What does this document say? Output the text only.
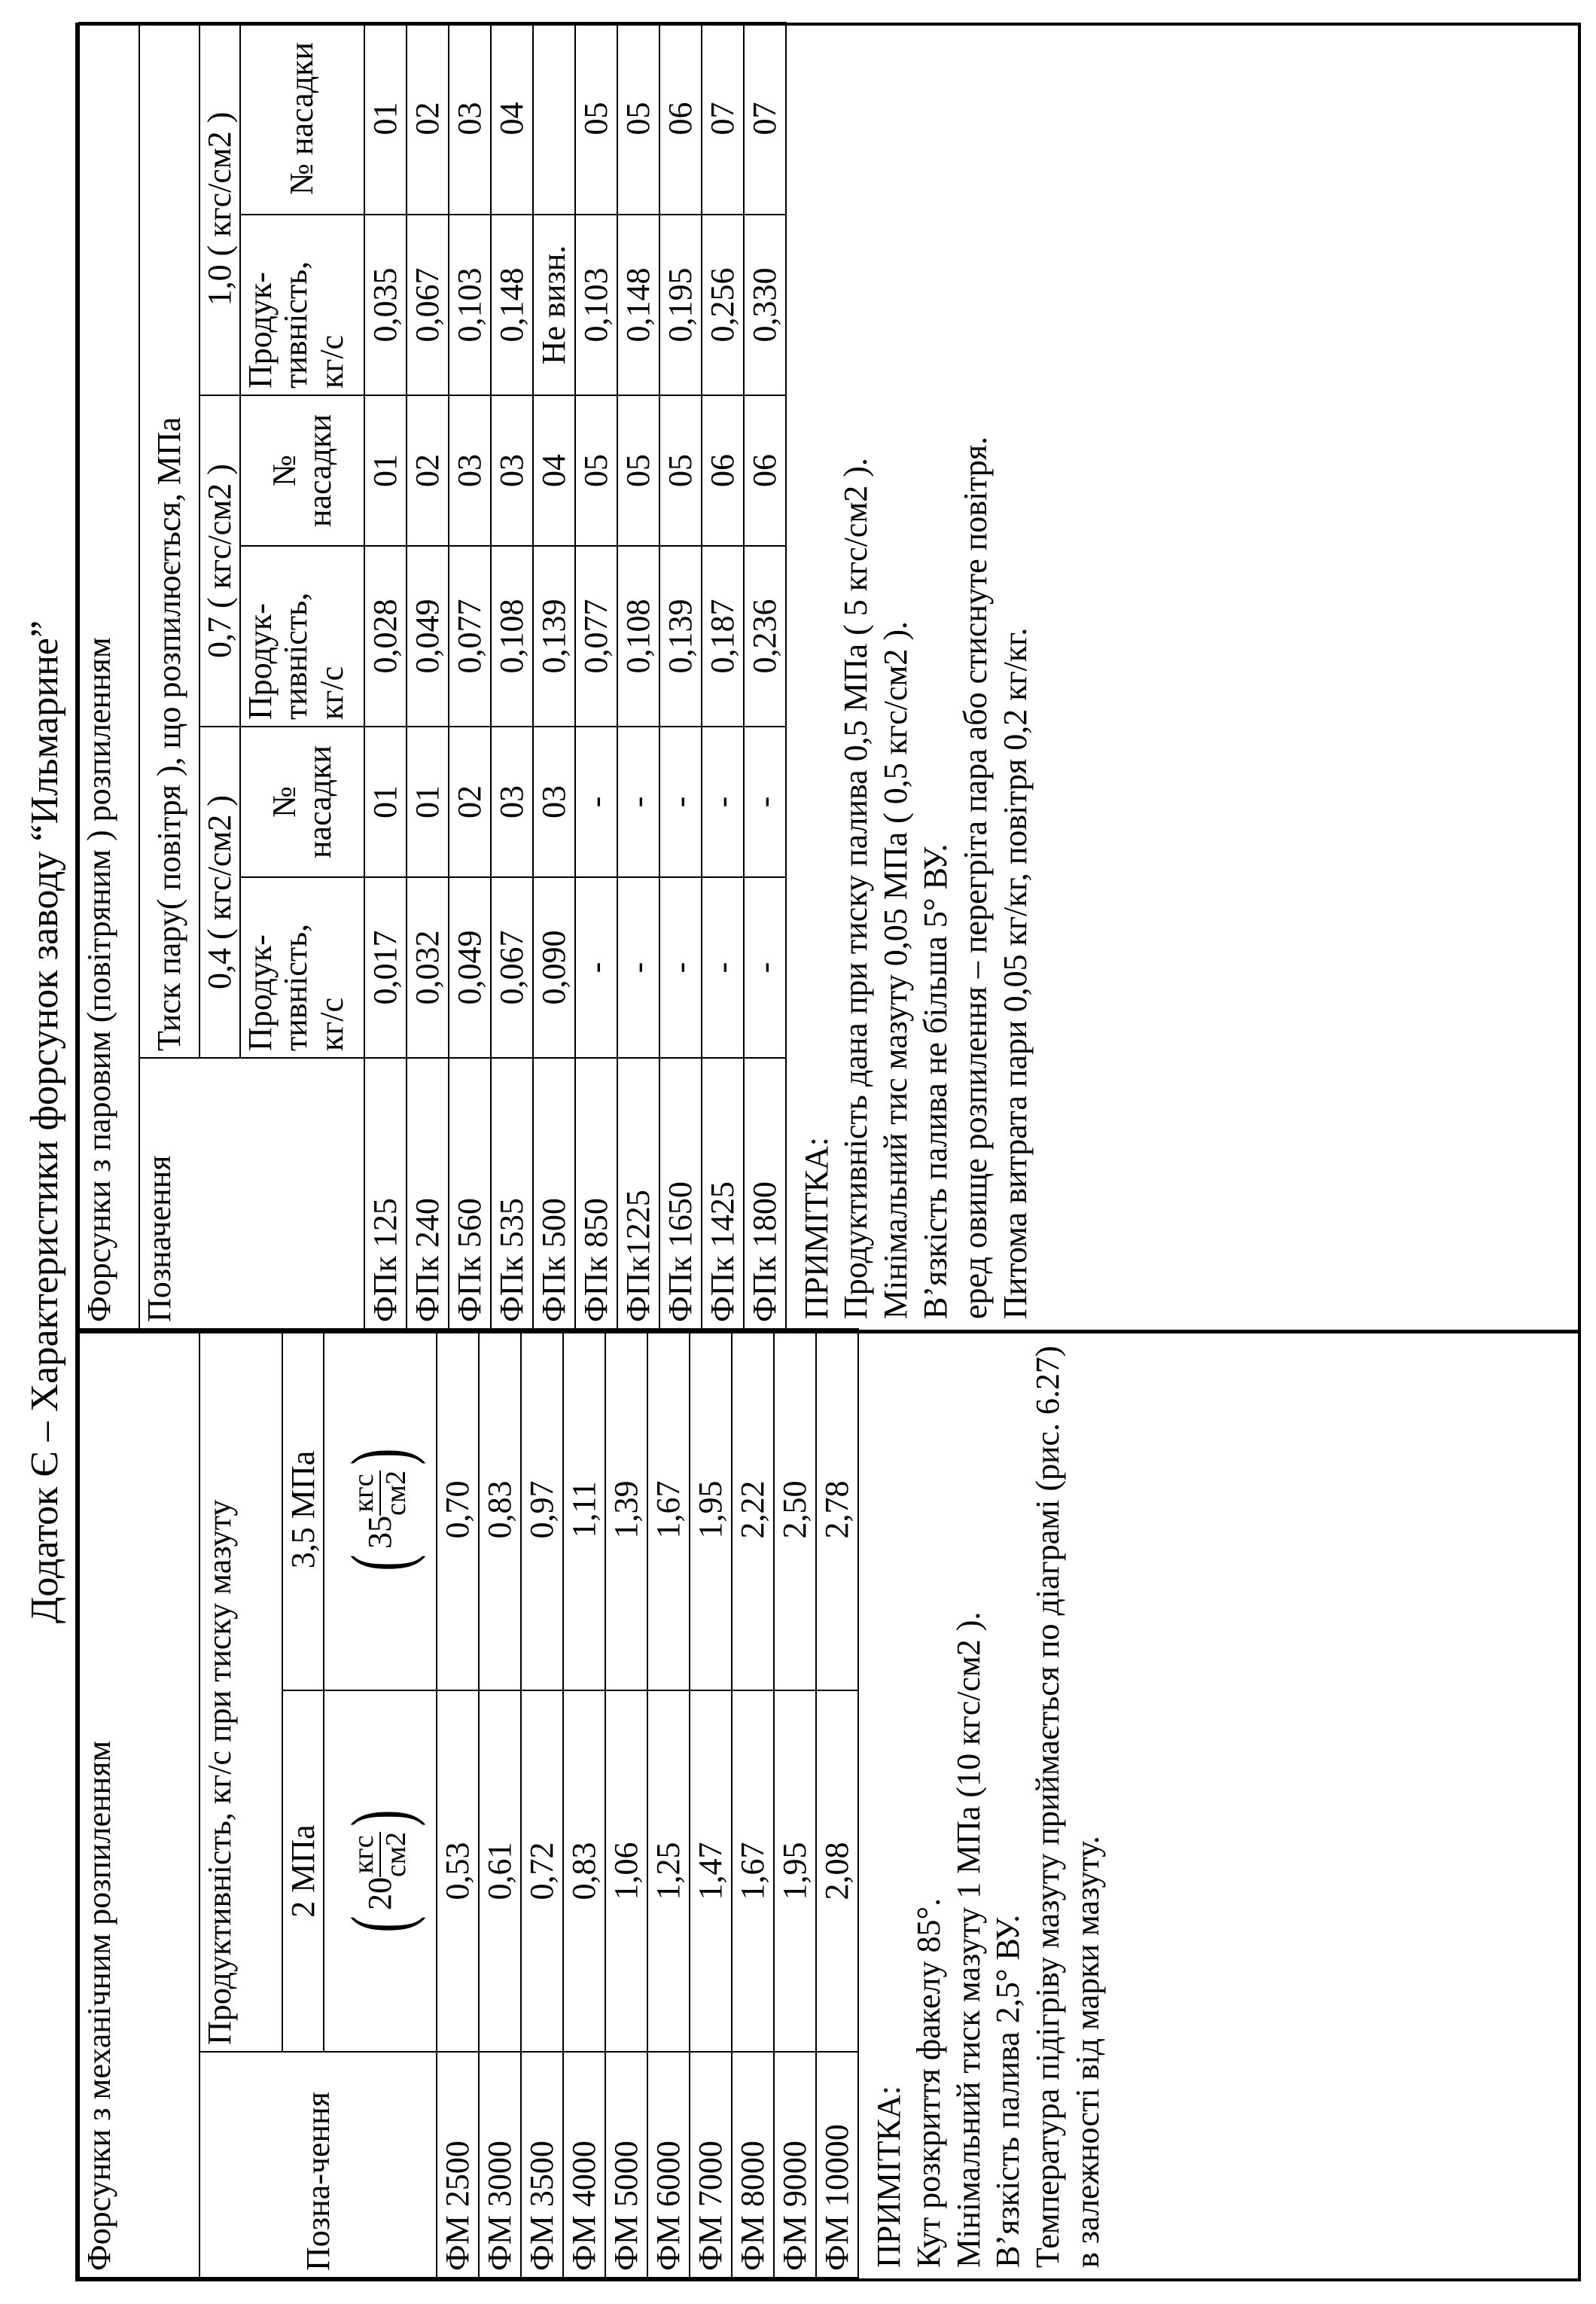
Додаток Є – Характеристики форсунок заводу “Ильмарине”
Форсунки з механічним розпиленням		
Позна-чення	Продуктивність, кг/с при тиску мазуту	
	2 МПа	3,5 МПа

	(
20
кгс см2
)	(
35
кгс см2
)

ФМ 2500	0,53	0,70
ФМ 3000	0,61	0,83
ФМ 3500	0,72	0,97
ФМ 4000	0,83	1,11
ФМ 5000	1,06	1,39
ФМ 6000	1,25	1,67
ФМ 7000	1,47	1,95
ФМ 8000	1,67	2,22
ФМ 9000	1,95	2,50
ФМ 10000	2,08	2,78

ПРИМІТКА: Кут розкриття факелу 85°. Мінімальний тиск мазуту 1 МПа (10 кгс/см2 ). В’язкість палива 2,5° ВУ. Температура підігріву мазуту приймається по діаграмі (рис. 6.27) в залежності від марки мазуту.

Форсунки з паровим (повітряним ) розпиленням						
Позначення	Тиск пару( повітря ), що розпилюється, МПа					
	0,4 ( кгс/см2 )		0,7 ( кгс/см2 )		1,0 ( кгс/см2 )	
	Продук-тивність, кг/с	№ насадки	Продук-тивність, кг/с	№ насадки	Продук-тивність, кг/с	№ насадки
ФПк 125	0,017	01	0,028	01	0,035	01
ФПк 240	0,032	01	0,049	02	0,067	02
ФПк 560	0,049	02	0,077	03	0,103	03
ФПк 535	0,067	03	0,108	03	0,148	04
ФПк 500	0,090	03	0,139	04	Не визн.	
ФПк 850	-	-	0,077	05	0,103	05
ФПк1225	-	-	0,108	05	0,148	05
ФПк 1650	-	-	0,139	05	0,195	06
ФПк 1425	-	-	0,187	06	0,256	07
ФПк 1800	-	-	0,236	06	0,330	07

ПРИМІТКА: Продуктивність дана при тиску палива 0,5 МПа ( 5 кгс/см2 ). Мінімальний тис мазуту 0,05 МПа ( 0,5 кгс/см2 ). В’язкість палива не більша 5° ВУ. еред овище розпилення – перегріта пара або стиснуте повітря. Питома витрата пари 0,05 кг/кг, повітря 0,2 кг/кг.
